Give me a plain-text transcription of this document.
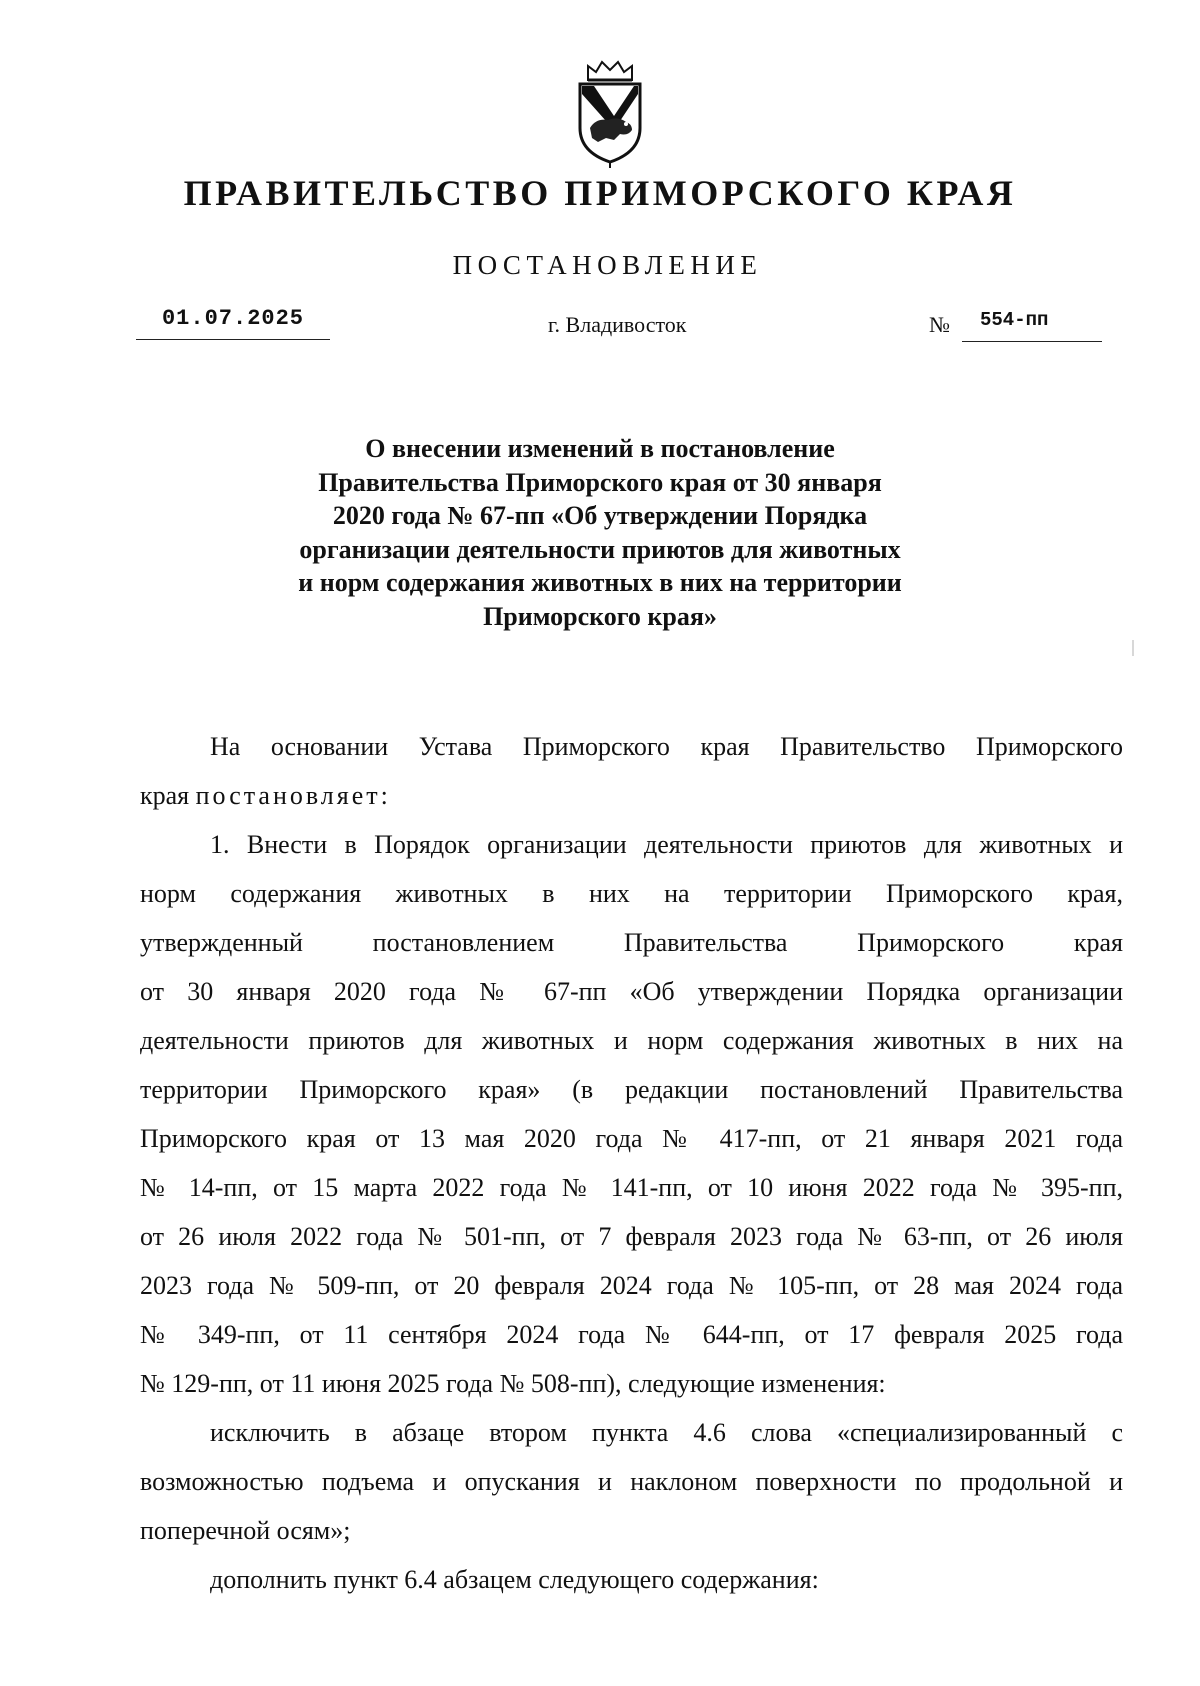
ПРАВИТЕЛЬСТВО ПРИМОРСКОГО КРАЯ
ПОСТАНОВЛЕНИЕ
01.07.2025	г. Владивосток	№	554-пп
О внесении изменений в постановление
Правительства Приморского края от 30 января
2020 года № 67-пп «Об утверждении Порядка
организации деятельности приютов для животных
и норм содержания животных в них на территории
Приморского края»
На основании Устава Приморского края Правительство Приморского
края постановляет:
1. Внести в Порядок организации деятельности приютов для животных и
норм содержания животных в них на территории Приморского края,
утвержденный постановлением Правительства Приморского края
от 30 января 2020 года № 67-пп «Об утверждении Порядка организации
деятельности приютов для животных и норм содержания животных в них на
территории Приморского края» (в редакции постановлений Правительства
Приморского края от 13 мая 2020 года № 417-пп, от 21 января 2021 года
№ 14-пп, от 15 марта 2022 года № 141-пп, от 10 июня 2022 года № 395-пп,
от 26 июля 2022 года № 501-пп, от 7 февраля 2023 года № 63-пп, от 26 июля
2023 года № 509-пп, от 20 февраля 2024 года № 105-пп, от 28 мая 2024 года
№ 349-пп, от 11 сентября 2024 года № 644-пп, от 17 февраля 2025 года
№ 129-пп, от 11 июня 2025 года № 508-пп), следующие изменения:
исключить в абзаце втором пункта 4.6 слова «специализированный с
возможностью подъема и опускания и наклоном поверхности по продольной и
поперечной осям»;
дополнить пункт 6.4 абзацем следующего содержания:
